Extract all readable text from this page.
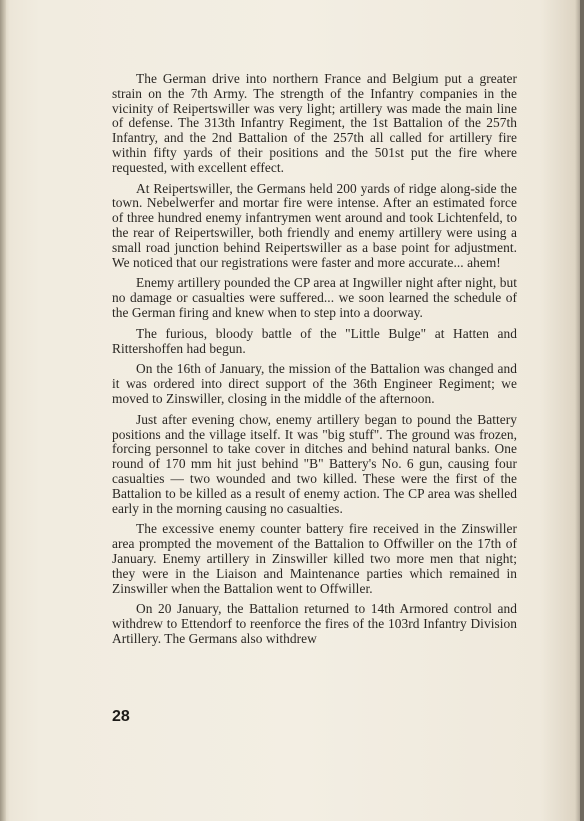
The German drive into northern France and Belgium put a greater strain on the 7th Army. The strength of the Infantry companies in the vicinity of Reipertswiller was very light; artillery was made the main line of defense. The 313th Infantry Regiment, the 1st Battalion of the 257th Infantry, and the 2nd Battalion of the 257th all called for artillery fire within fifty yards of their positions and the 501st put the fire where requested, with excellent effect.

At Reipertswiller, the Germans held 200 yards of ridge along-side the town. Nebelwerfer and mortar fire were intense. After an estimated force of three hundred enemy infantrymen went around and took Lichtenfeld, to the rear of Reipertswiller, both friendly and enemy artillery were using a small road junction behind Reipertswiller as a base point for adjustment. We noticed that our registrations were faster and more accurate... ahem!

Enemy artillery pounded the CP area at Ingwiller night after night, but no damage or casualties were suffered... we soon learned the schedule of the German firing and knew when to step into a doorway.

The furious, bloody battle of the "Little Bulge" at Hatten and Rittershoffen had begun.

On the 16th of January, the mission of the Battalion was changed and it was ordered into direct support of the 36th Engineer Regiment; we moved to Zinswiller, closing in the middle of the afternoon.

Just after evening chow, enemy artillery began to pound the Battery positions and the village itself. It was "big stuff". The ground was frozen, forcing personnel to take cover in ditches and behind natural banks. One round of 170 mm hit just behind "B" Battery's No. 6 gun, causing four casualties — two wounded and two killed. These were the first of the Battalion to be killed as a result of enemy action. The CP area was shelled early in the morning causing no casualties.

The excessive enemy counter battery fire received in the Zinswiller area prompted the movement of the Battalion to Offwiller on the 17th of January. Enemy artillery in Zinswiller killed two more men that night; they were in the Liaison and Maintenance parties which remained in Zinswiller when the Battalion went to Offwiller.

On 20 January, the Battalion returned to 14th Armored control and withdrew to Ettendorf to reenforce the fires of the 103rd Infantry Division Artillery. The Germans also withdrew

28
